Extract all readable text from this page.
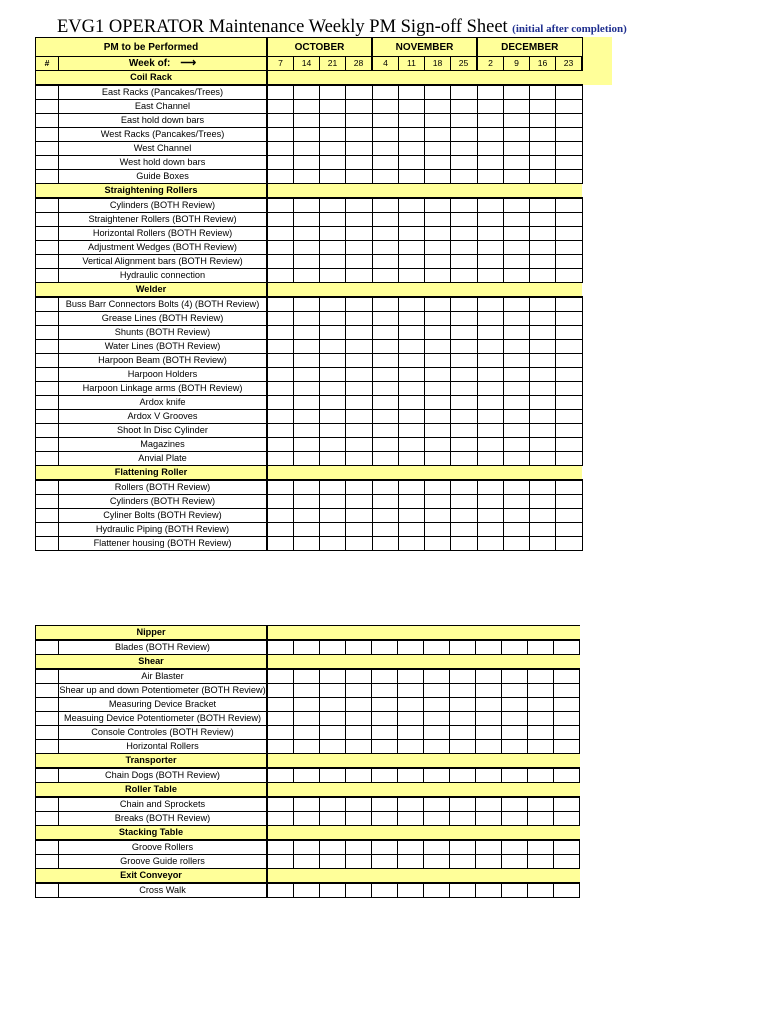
EVG1 OPERATOR Maintenance Weekly PM Sign-off Sheet (initial after completion)
PM to be Performed		OCTOBER				NOVEMBER				DECEMBER			
#	Week of: ⟶	7	14	21	28	4	11	18	25	2	9	16	23
Coil Rack													
	East Racks (Pancakes/Trees)												
	East Channel												
	East hold down bars												
	West Racks (Pancakes/Trees)												
	West Channel												
	West hold down bars												
	Guide Boxes												
Straightening Rollers													
	Cylinders (BOTH Review)												
	Straightener Rollers (BOTH Review)												
	Horizontal Rollers (BOTH Review)												
	Adjustment Wedges (BOTH Review)												
	Vertical Alignment bars (BOTH Review)												
	Hydraulic connection												
Welder													
	Buss Barr Connectors Bolts (4) (BOTH Review)												
	Grease Lines (BOTH Review)												
	Shunts (BOTH Review)												
	Water Lines (BOTH Review)												
	Harpoon Beam (BOTH Review)												
	Harpoon Holders												
	Harpoon Linkage arms (BOTH Review)												
	Ardox knife												
	Ardox V Grooves												
	Shoot In Disc Cylinder												
	Magazines												
	Anvial Plate												
Flattening Roller													
	Rollers (BOTH Review)												
	Cylinders (BOTH Review)												
	Cyliner Bolts (BOTH Review)												
	Hydraulic Piping (BOTH Review)												
	Flattener housing (BOTH Review)												
Nipper													
	Blades (BOTH Review)												
Shear													
	Air Blaster												
	Shear up and down Potentiometer (BOTH Review)												
	Measuring Device Bracket												
	Measuing Device Potentiometer (BOTH Review)												
	Console Controles (BOTH Review)												
	Horizontal Rollers												
Transporter													
	Chain Dogs (BOTH Review)												
Roller Table													
	Chain and Sprockets												
	Breaks (BOTH Review)												
Stacking Table													
	Groove Rollers												
	Groove Guide rollers												
Exit Conveyor													
	Cross Walk												
